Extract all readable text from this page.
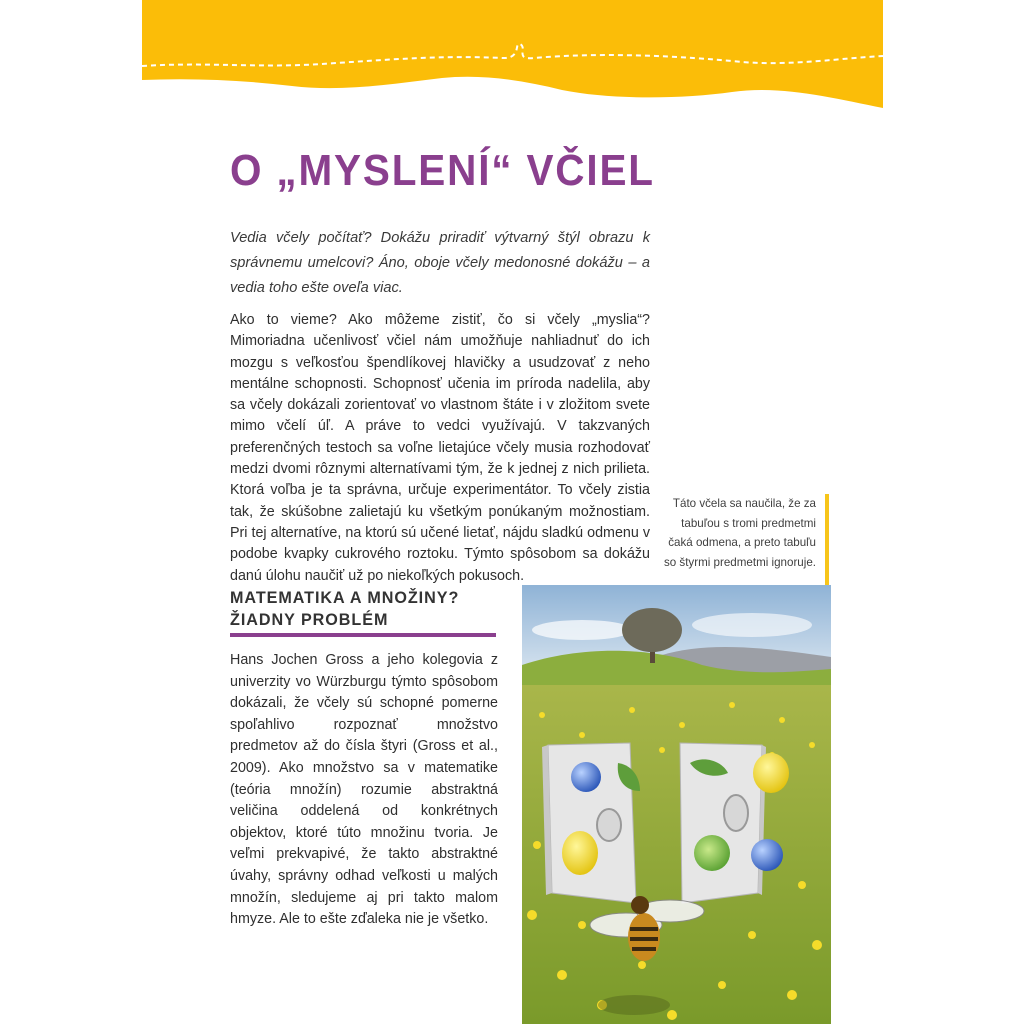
31
O „MYSLENÍ“ VČIEL

Vedia včely počítať? Dokážu priradiť výtvarný štýl obrazu k správnemu umelcovi? Áno, oboje včely medonosné dokážu – a vedia toho ešte oveľa viac.

Ako to vieme? Ako môžeme zistiť, čo si včely „myslia“? Mimoriadna učenlivosť včiel nám umožňuje nahliadnuť do ich mozgu s veľkosťou špendlíkovej hlavičky a usudzovať z neho mentálne schopnosti. Schopnosť učenia im príroda nadelila, aby sa včely dokázali zorientovať vo vlastnom štáte i v zložitom svete mimo včelí úľ. A práve to vedci využívajú. V takzvaných preferenčných testoch sa voľne lietajúce včely musia rozhodovať medzi dvomi rôznymi alternatívami tým, že k jednej z nich prilieta. Ktorá voľba je ta správna, určuje experimentátor. To včely zistia tak, že skúšobne zalietajú ku všetkým ponúkaným možnostiam. Pri tej alternatíve, na ktorú sú učené lietať, nájdu sladkú odmenu v podobe kvapky cukrového roztoku. Týmto spôsobom sa dokážu danú úlohu naučiť už po niekoľkých pokusoch.

Táto včela sa naučila, že za tabuľou s tromi predmetmi čaká odmena, a preto tabuľu so štyrmi predmetmi ignoruje.

MATEMATIKA A MNOŽINY?
ŽIADNY PROBLÉM

Hans Jochen Gross a jeho kolegovia z univerzity vo Würzburgu týmto spôsobom dokázali, že včely sú schopné pomerne spoľahlivo rozpoznať množstvo predmetov až do čísla štyri (Gross et al., 2009). Ako množstvo sa v matematike (teória množín) rozumie abstraktná veličina oddelená od konkrétnych objektov, ktoré túto množinu tvoria. Je veľmi prekvapivé, že takto abstraktné úvahy, správny odhad veľkosti u malých množín, sledujeme aj pri takto malom hmyze. Ale to ešte zďaleka nie je všetko.
